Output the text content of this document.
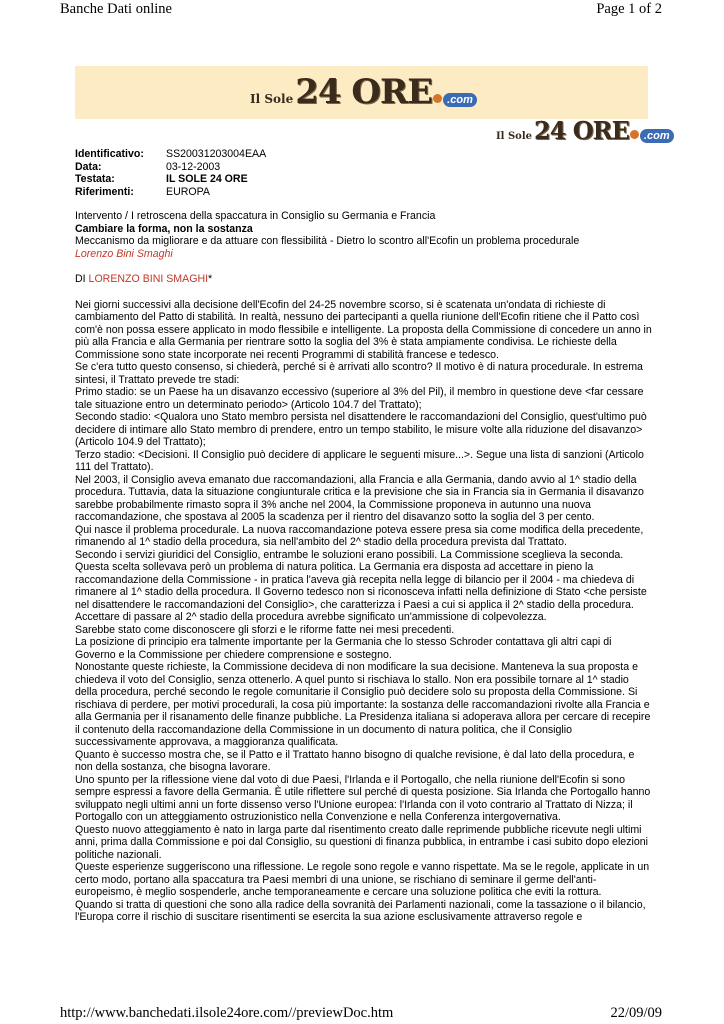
Banche Dati online	Page 1 of 2
Il Sole 24 ORE	.com
Il Sole 24 ORE	.com
Identificativo:	SS20031203004EAA
Data:	03-12-2003
Testata:	IL SOLE 24 ORE
Riferimenti:	EUROPA
Intervento / I retroscena della spaccatura in Consiglio su Germania e Francia
Cambiare la forma, non la sostanza
Meccanismo da migliorare e da attuare con flessibilità - Dietro lo scontro all'Ecofin un problema procedurale
Lorenzo Bini Smaghi
DI LORENZO BINI SMAGHI*

Nei giorni successivi alla decisione dell'Ecofin del 24-25 novembre scorso, si è scatenata un'ondata di richieste di cambiamento del Patto di stabilità. In realtà, nessuno dei partecipanti a quella riunione dell'Ecofin ritiene che il Patto così com'è non possa essere applicato in modo flessibile e intelligente. La proposta della Commissione di concedere un anno in più alla Francia e alla Germania per rientrare sotto la soglia del 3% è stata ampiamente condivisa. Le richieste della Commissione sono state incorporate nei recenti Programmi di stabilità francese e tedesco.

Se c'era tutto questo consenso, si chiederà, perché si è arrivati allo scontro? Il motivo è di natura procedurale. In estrema sintesi, il Trattato prevede tre stadi:

Primo stadio: se un Paese ha un disavanzo eccessivo (superiore al 3% del Pil), il membro in questione deve <far cessare tale situazione entro un determinato periodo> (Articolo 104.7 del Trattato);

Secondo stadio: <Qualora uno Stato membro persista nel disattendere le raccomandazioni del Consiglio, quest'ultimo può decidere di intimare allo Stato membro di prendere, entro un tempo stabilito, le misure volte alla riduzione del disavanzo> (Articolo 104.9 del Trattato);

Terzo stadio: <Decisioni. Il Consiglio può decidere di applicare le seguenti misure...>. Segue una lista di sanzioni (Articolo 111 del Trattato).

Nel 2003, il Consiglio aveva emanato due raccomandazioni, alla Francia e alla Germania, dando avvio al 1^ stadio della procedura. Tuttavia, data la situazione congiunturale critica e la previsione che sia in Francia sia in Germania il disavanzo sarebbe probabilmente rimasto sopra il 3% anche nel 2004, la Commissione proponeva in autunno una nuova raccomandazione, che spostava al 2005 la scadenza per il rientro del disavanzo sotto la soglia del 3 per cento.

Qui nasce il problema procedurale. La nuova raccomandazione poteva essere presa sia come modifica della precedente, rimanendo al 1^ stadio della procedura, sia nell'ambito del 2^ stadio della procedura prevista dal Trattato.

Secondo i servizi giuridici del Consiglio, entrambe le soluzioni erano possibili. La Commissione sceglieva la seconda.

Questa scelta sollevava però un problema di natura politica. La Germania era disposta ad accettare in pieno la raccomandazione della Commissione - in pratica l'aveva già recepita nella legge di bilancio per il 2004 - ma chiedeva di rimanere al 1^ stadio della procedura. Il Governo tedesco non si riconosceva infatti nella definizione di Stato <che persiste nel disattendere le raccomandazioni del Consiglio>, che caratterizza i Paesi a cui si applica il 2^ stadio della procedura. Accettare di passare al 2^ stadio della procedura avrebbe significato un'ammissione di colpevolezza.

Sarebbe stato come disconoscere gli sforzi e le riforme fatte nei mesi precedenti.

La posizione di principio era talmente importante per la Germania che lo stesso Schroder contattava gli altri capi di Governo e la Commissione per chiedere comprensione e sostegno.

Nonostante queste richieste, la Commissione decideva di non modificare la sua decisione. Manteneva la sua proposta e chiedeva il voto del Consiglio, senza ottenerlo. A quel punto si rischiava lo stallo. Non era possibile tornare al 1^ stadio della procedura, perché secondo le regole comunitarie il Consiglio può decidere solo su proposta della Commissione. Si rischiava di perdere, per motivi procedurali, la cosa più importante: la sostanza delle raccomandazioni rivolte alla Francia e alla Germania per il risanamento delle finanze pubbliche. La Presidenza italiana si adoperava allora per cercare di recepire il contenuto della raccomandazione della Commissione in un documento di natura politica, che il Consiglio successivamente approvava, a maggioranza qualificata.

Quanto è successo mostra che, se il Patto e il Trattato hanno bisogno di qualche revisione, è dal lato della procedura, e non della sostanza, che bisogna lavorare.

Uno spunto per la riflessione viene dal voto di due Paesi, l'Irlanda e il Portogallo, che nella riunione dell'Ecofin si sono sempre espressi a favore della Germania. È utile riflettere sul perché di questa posizione. Sia Irlanda che Portogallo hanno sviluppato negli ultimi anni un forte dissenso verso l'Unione europea: l'Irlanda con il voto contrario al Trattato di Nizza; il Portogallo con un atteggiamento ostruzionistico nella Convenzione e nella Conferenza intergovernativa.

Questo nuovo atteggiamento è nato in larga parte dal risentimento creato dalle reprimende pubbliche ricevute negli ultimi anni, prima dalla Commissione e poi dal Consiglio, su questioni di finanza pubblica, in entrambe i casi subito dopo elezioni politiche nazionali.

Queste esperienze suggeriscono una riflessione. Le regole sono regole e vanno rispettate. Ma se le regole, applicate in un certo modo, portano alla spaccatura tra Paesi membri di una unione, se rischiano di seminare il germe dell'anti-europeismo, è meglio sospenderle, anche temporaneamente e cercare una soluzione politica che eviti la rottura.

Quando si tratta di questioni che sono alla radice della sovranità dei Parlamenti nazionali, come la tassazione o il bilancio, l'Europa corre il rischio di suscitare risentimenti se esercita la sua azione esclusivamente attraverso regole e

http://www.banchedati.ilsole24ore.com//previewDoc.htm	22/09/09
